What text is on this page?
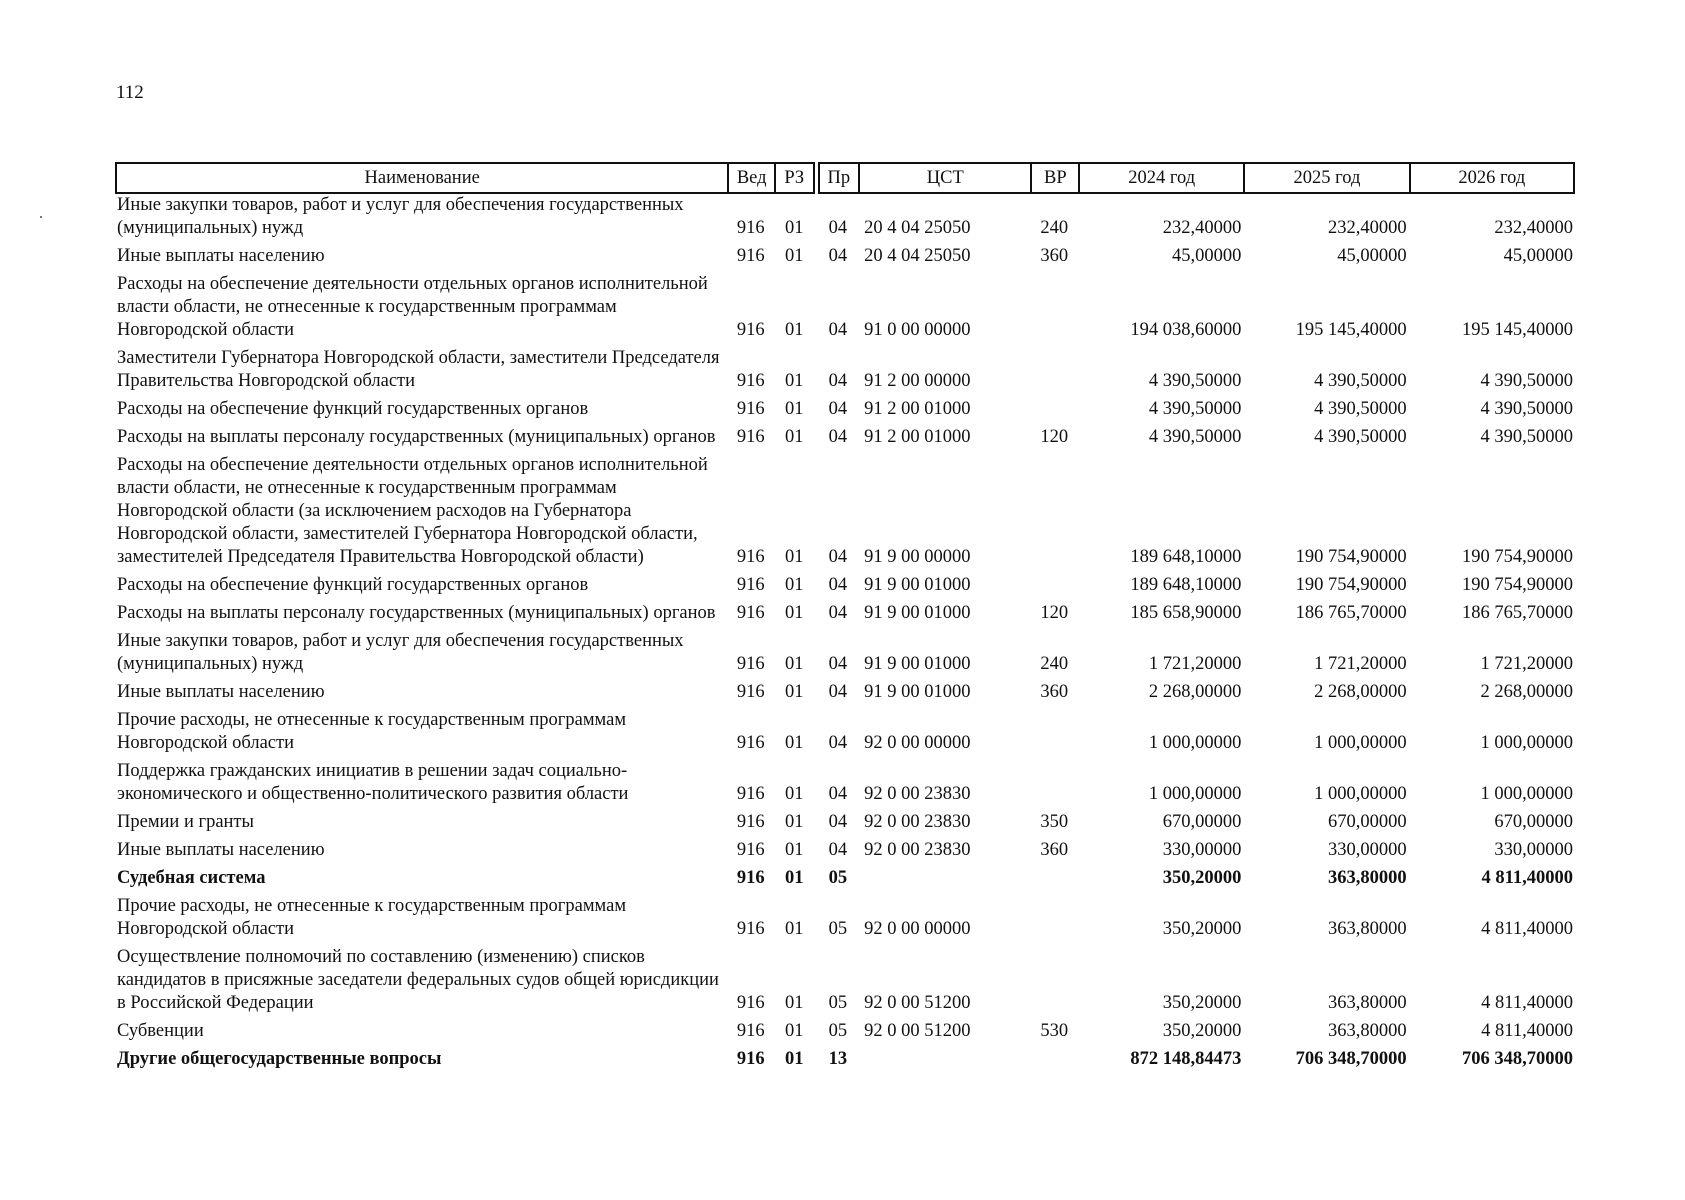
112
Наименование	Вед	РЗ		Пр	ЦСТ	ВР	2024 год	2025 год	2026 год
Иные закупки товаров, работ и услуг для обеспечения государственных (муниципальных) нужд	916	01		04	20 4 04 25050	240	232,40000	232,40000	232,40000
Иные выплаты населению	916	01		04	20 4 04 25050	360	45,00000	45,00000	45,00000
Расходы на обеспечение деятельности отдельных органов исполнительной власти области, не отнесенные к государственным программам Новгородской области	916	01		04	91 0 00 00000		194 038,60000	195 145,40000	195 145,40000
Заместители Губернатора Новгородской области, заместители Председателя Правительства Новгородской области	916	01		04	91 2 00 00000		4 390,50000	4 390,50000	4 390,50000
Расходы на обеспечение функций государственных органов	916	01		04	91 2 00 01000		4 390,50000	4 390,50000	4 390,50000
Расходы на выплаты персоналу государственных (муниципальных) органов	916	01		04	91 2 00 01000	120	4 390,50000	4 390,50000	4 390,50000
Расходы на обеспечение деятельности отдельных органов исполнительной власти области, не отнесенные к государственным программам Новгородской области (за исключением расходов на Губернатора Новгородской области, заместителей Губернатора Новгородской области, заместителей Председателя Правительства Новгородской области)	916	01		04	91 9 00 00000		189 648,10000	190 754,90000	190 754,90000
Расходы на обеспечение функций государственных органов	916	01		04	91 9 00 01000		189 648,10000	190 754,90000	190 754,90000
Расходы на выплаты персоналу государственных (муниципальных) органов	916	01		04	91 9 00 01000	120	185 658,90000	186 765,70000	186 765,70000
Иные закупки товаров, работ и услуг для обеспечения государственных (муниципальных) нужд	916	01		04	91 9 00 01000	240	1 721,20000	1 721,20000	1 721,20000
Иные выплаты населению	916	01		04	91 9 00 01000	360	2 268,00000	2 268,00000	2 268,00000
Прочие расходы, не отнесенные к государственным программам Новгородской области	916	01		04	92 0 00 00000		1 000,00000	1 000,00000	1 000,00000
Поддержка гражданских инициатив в решении задач социально-экономического и общественно-политического развития области	916	01		04	92 0 00 23830		1 000,00000	1 000,00000	1 000,00000
Премии и гранты	916	01		04	92 0 00 23830	350	670,00000	670,00000	670,00000
Иные выплаты населению	916	01		04	92 0 00 23830	360	330,00000	330,00000	330,00000
Судебная система	916	01		05			350,20000	363,80000	4 811,40000
Прочие расходы, не отнесенные к государственным программам Новгородской области	916	01		05	92 0 00 00000		350,20000	363,80000	4 811,40000
Осуществление полномочий по составлению (изменению) списков кандидатов в присяжные заседатели федеральных судов общей юрисдикции в Российской Федерации	916	01		05	92 0 00 51200		350,20000	363,80000	4 811,40000
Субвенции	916	01		05	92 0 00 51200	530	350,20000	363,80000	4 811,40000
Другие общегосударственные вопросы	916	01		13			872 148,84473	706 348,70000	706 348,70000
